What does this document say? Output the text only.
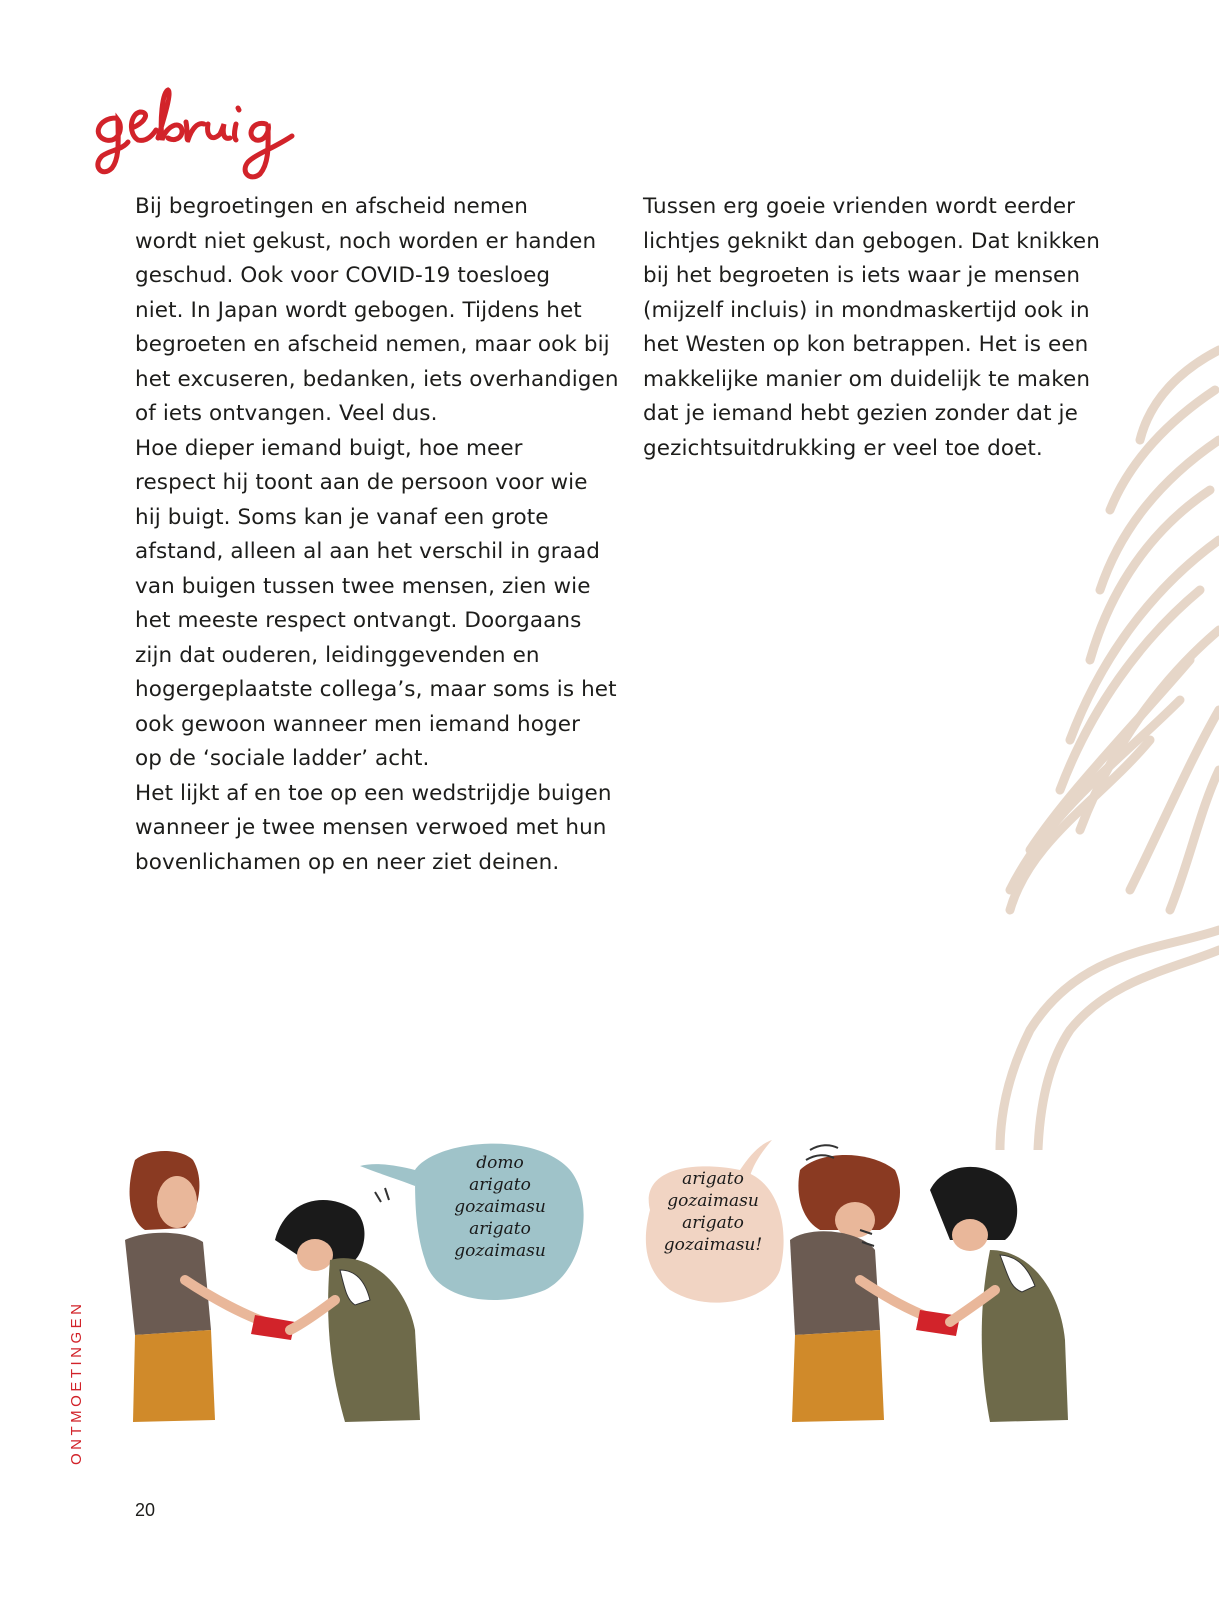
Bij begroetingen en afscheid nemen
wordt niet gekust, noch worden er handen
geschud. Ook voor COVID-19 toesloeg
niet. In Japan wordt gebogen. Tijdens het
begroeten en afscheid nemen, maar ook bij
het excuseren, bedanken, iets overhandigen
of iets ontvangen. Veel dus.

Hoe dieper iemand buigt, hoe meer
respect hij toont aan de persoon voor wie
hij buigt. Soms kan je vanaf een grote
afstand, alleen al aan het verschil in graad
van buigen tussen twee mensen, zien wie
het meeste respect ontvangt. Doorgaans
zijn dat ouderen, leidinggevenden en
hogergeplaatste collega’s, maar soms is het
ook gewoon wanneer men iemand hoger
op de ‘sociale ladder’ acht.

Het lijkt af en toe op een wedstrijdje buigen
wanneer je twee mensen verwoed met hun
bovenlichamen op en neer ziet deinen.

Tussen erg goeie vrienden wordt eerder
lichtjes geknikt dan gebogen. Dat knikken
bij het begroeten is iets waar je mensen
(mijzelf incluis) in mondmaskertijd ook in
het Westen op kon betrappen. Het is een
makkelijke manier om duidelijk te maken
dat je iemand hebt gezien zonder dat je
gezichtsuitdrukking er veel toe doet.

domo
arigato
gozaimasu
arigato
gozaimasu
arigato
gozaimasu
arigato
gozaimasu!
ONTMOETINGEN
20
